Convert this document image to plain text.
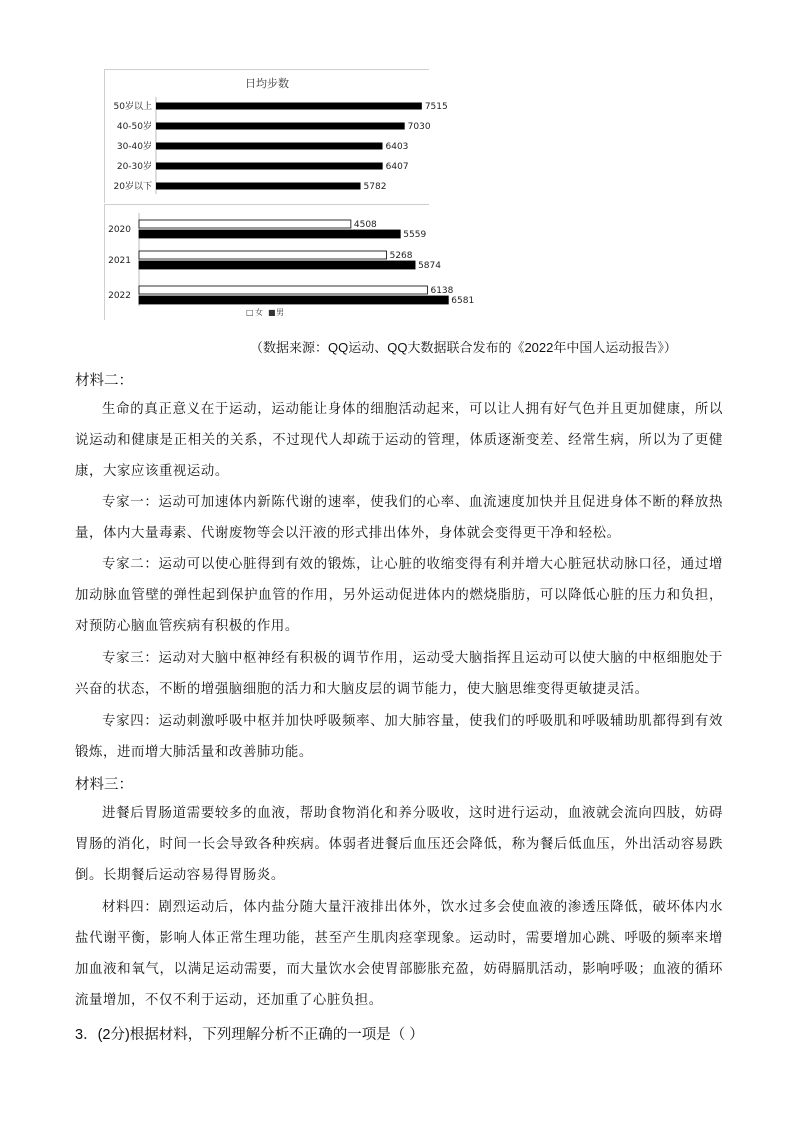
日均步数
50岁以上	7515
40-50岁	7030
30-40岁	6403
20-30岁	6407
20岁以下	5782
2020	4508
5559
2021	5268
5874
2022	6138
6581
□ 女 ■ 男
（数据来源：QQ运动、QQ大数据联合发布的《2022年中国人运动报告》）
材料二：

生命的真正意义在于运动，运动能让身体的细胞活动起来，可以让人拥有好气色并且更加健康，所以说运动和健康是正相关的关系，不过现代人却疏于运动的管理，体质逐渐变差、经常生病，所以为了更健康，大家应该重视运动。

专家一：运动可加速体内新陈代谢的速率，使我们的心率、血流速度加快并且促进身体不断的释放热量，体内大量毒素、代谢废物等会以汗液的形式排出体外，身体就会变得更干净和轻松。

专家二：运动可以使心脏得到有效的锻炼，让心脏的收缩变得有利并增大心脏冠状动脉口径，通过增加动脉血管壁的弹性起到保护血管的作用，另外运动促进体内的燃烧脂肪，可以降低心脏的压力和负担，对预防心脑血管疾病有积极的作用。

专家三：运动对大脑中枢神经有积极的调节作用，运动受大脑指挥且运动可以使大脑的中枢细胞处于兴奋的状态，不断的增强脑细胞的活力和大脑皮层的调节能力，使大脑思维变得更敏捷灵活。

专家四：运动刺激呼吸中枢并加快呼吸频率、加大肺容量，使我们的呼吸肌和呼吸辅助肌都得到有效锻炼，进而增大肺活量和改善肺功能。

材料三：

进餐后胃肠道需要较多的血液，帮助食物消化和养分吸收，这时进行运动，血液就会流向四肢，妨碍胃肠的消化，时间一长会导致各种疾病。体弱者进餐后血压还会降低，称为餐后低血压，外出活动容易跌倒。长期餐后运动容易得胃肠炎。

材料四：剧烈运动后，体内盐分随大量汗液排出体外，饮水过多会使血液的渗透压降低，破坏体内水盐代谢平衡，影响人体正常生理功能，甚至产生肌肉痉挛现象。运动时，需要增加心跳、呼吸的频率来增加血液和氧气，以满足运动需要，而大量饮水会使胃部膨胀充盈，妨碍膈肌活动，影响呼吸；血液的循环流量增加，不仅不利于运动，还加重了心脏负担。

3．(2分)根据材料，下列理解分析不正确的一项是（ ）
